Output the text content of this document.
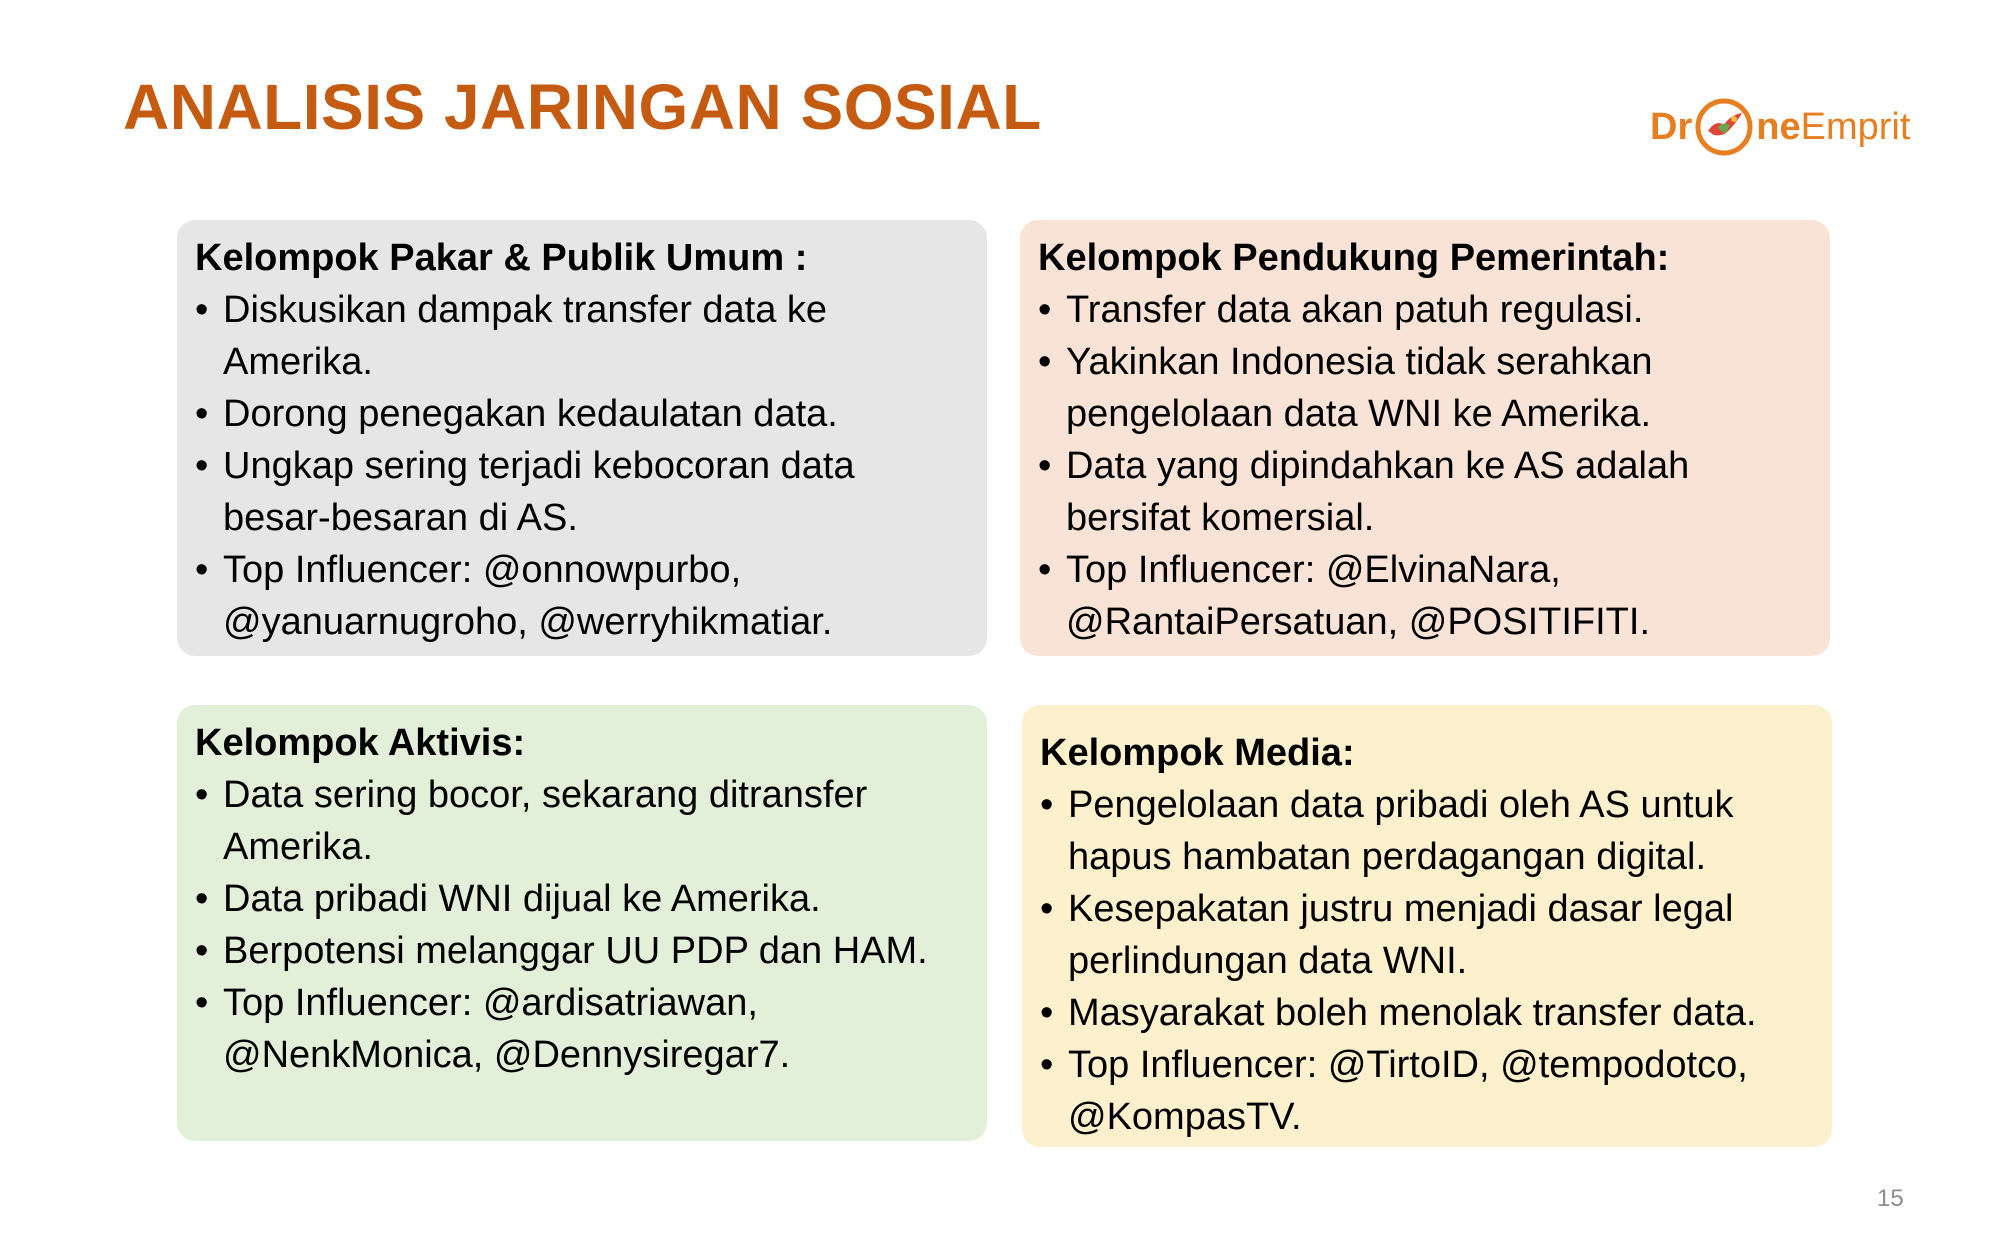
ANALISIS JARINGAN SOSIAL	Dr ne Emprit
Kelompok Pakar & Publik Umum :
• Diskusikan dampak transfer data ke Amerika.
• Dorong penegakan kedaulatan data.
• Ungkap sering terjadi kebocoran data besar-besaran di AS.
• Top Influencer: @onnowpurbo, @yanuarnugroho, @werryhikmatiar.
Kelompok Pendukung Pemerintah:
• Transfer data akan patuh regulasi.
• Yakinkan Indonesia tidak serahkan pengelolaan data WNI ke Amerika.
• Data yang dipindahkan ke AS adalah bersifat komersial.
• Top Influencer: @ElvinaNara, @RantaiPersatuan, @POSITIFITI.
Kelompok Aktivis:
• Data sering bocor, sekarang ditransfer Amerika.
• Data pribadi WNI dijual ke Amerika.
• Berpotensi melanggar UU PDP dan HAM.
• Top Influencer: @ardisatriawan, @NenkMonica, @Dennysiregar7.
Kelompok Media:
• Pengelolaan data pribadi oleh AS untuk hapus hambatan perdagangan digital.
• Kesepakatan justru menjadi dasar legal perlindungan data WNI.
• Masyarakat boleh menolak transfer data.
• Top Influencer: @TirtoID, @tempodotco, @KompasTV.
15
